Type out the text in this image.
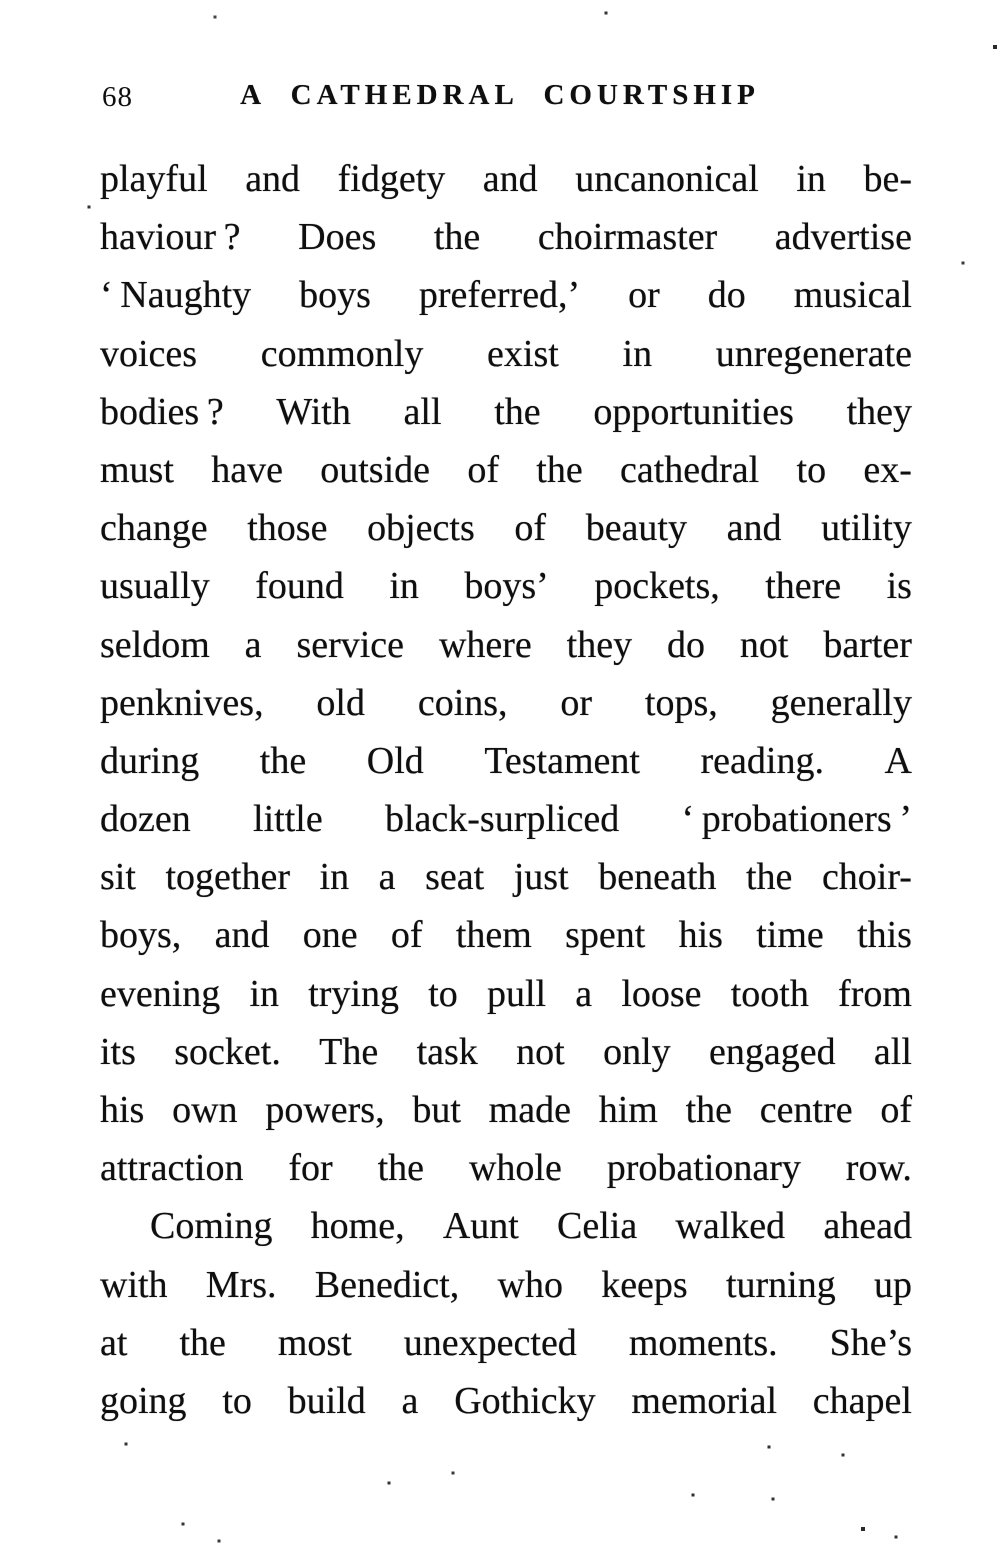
68	A CATHEDRAL COURTSHIP
playful and fidgety and uncanonical in be-
haviour ? Does the choirmaster advertise
‘ Naughty boys preferred,’ or do musical
voices commonly exist in unregenerate
bodies ? With all the opportunities they
must have outside of the cathedral to ex-
change those objects of beauty and utility
usually found in boys’ pockets, there is
seldom a service where they do not barter
penknives, old coins, or tops, generally
during the Old Testament reading. A
dozen little black-surpliced ‘ probationers ’
sit together in a seat just beneath the choir-
boys, and one of them spent his time this
evening in trying to pull a loose tooth from
its socket. The task not only engaged all
his own powers, but made him the centre of
attraction for the whole probationary row.
Coming home, Aunt Celia walked ahead
with Mrs. Benedict, who keeps turning up
at the most unexpected moments. She’s
going to build a Gothicky memorial chapel
